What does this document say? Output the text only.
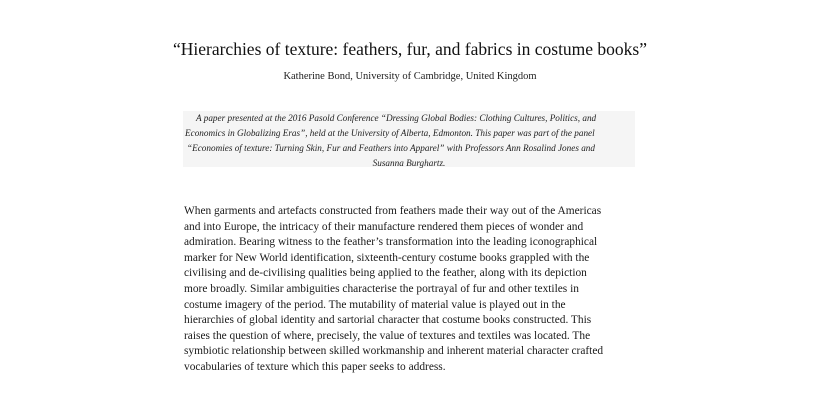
“Hierarchies of texture: feathers, fur, and fabrics in costume books”
Katherine Bond, University of Cambridge, United Kingdom
A paper presented at the 2016 Pasold Conference “Dressing Global Bodies: Clothing Cultures, Politics, and
Economics in Globalizing Eras”, held at the University of Alberta, Edmonton. This paper was part of the panel
“Economies of texture: Turning Skin, Fur and Feathers into Apparel” with Professors Ann Rosalind Jones and
Susanna Burghartz.
When garments and artefacts constructed from feathers made their way out of the Americas
and into Europe, the intricacy of their manufacture rendered them pieces of wonder and
admiration. Bearing witness to the feather’s transformation into the leading iconographical
marker for New World identification, sixteenth-century costume books grappled with the
civilising and de-civilising qualities being applied to the feather, along with its depiction
more broadly. Similar ambiguities characterise the portrayal of fur and other textiles in
costume imagery of the period. The mutability of material value is played out in the
hierarchies of global identity and sartorial character that costume books constructed. This
raises the question of where, precisely, the value of textures and textiles was located. The
symbiotic relationship between skilled workmanship and inherent material character crafted
vocabularies of texture which this paper seeks to address.
